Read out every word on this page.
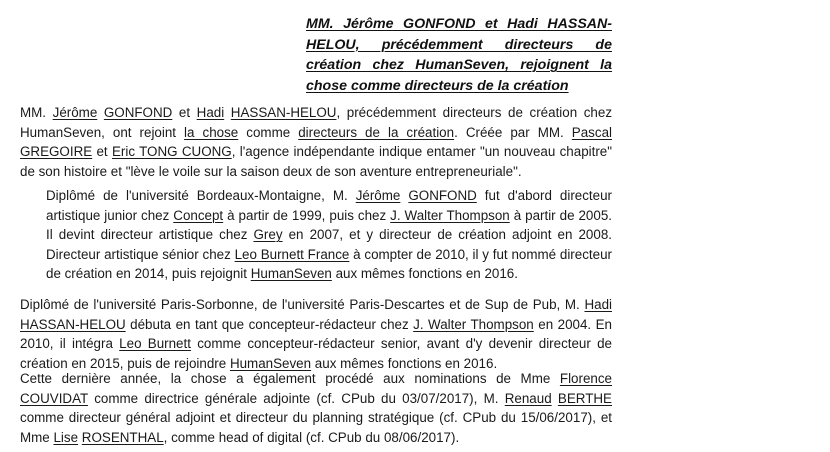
MM. Jérôme GONFOND et Hadi HASSAN- HELOU, précédemment directeurs de création chez HumanSeven, rejoignent la chose comme directeurs de la création

MM. Jérôme GONFOND et Hadi HASSAN-HELOU, précédemment directeurs de création chez HumanSeven, ont rejoint la chose comme directeurs de la création. Créée par MM. Pascal GREGOIRE et Eric TONG CUONG, l'agence indépendante indique entamer "un nouveau chapitre" de son histoire et "lève le voile sur la saison deux de son aventure entrepreneuriale".

Diplômé de l'université Bordeaux-Montaigne, M. Jérôme GONFOND fut d'abord directeur artistique junior chez Concept à partir de 1999, puis chez J. Walter Thompson à partir de 2005. Il devint directeur artistique chez Grey en 2007, et y directeur de création adjoint en 2008. Directeur artistique sénior chez Leo Burnett France à compter de 2010, il y fut nommé directeur de création en 2014, puis rejoignit HumanSeven aux mêmes fonctions en 2016.

Diplômé de l'université Paris-Sorbonne, de l'université Paris-Descartes et de Sup de Pub, M. Hadi HASSAN-HELOU débuta en tant que concepteur-rédacteur chez J. Walter Thompson en 2004. En 2010, il intégra Leo Burnett comme concepteur-rédacteur senior, avant d'y devenir directeur de création en 2015, puis de rejoindre HumanSeven aux mêmes fonctions en 2016.

Cette dernière année, la chose a également procédé aux nominations de Mme Florence COUVIDAT comme directrice générale adjointe (cf. CPub du 03/07/2017), M. Renaud BERTHE comme directeur général adjoint et directeur du planning stratégique (cf. CPub du 15/06/2017), et Mme Lise ROSENTHAL, comme head of digital (cf. CPub du 08/06/2017).
